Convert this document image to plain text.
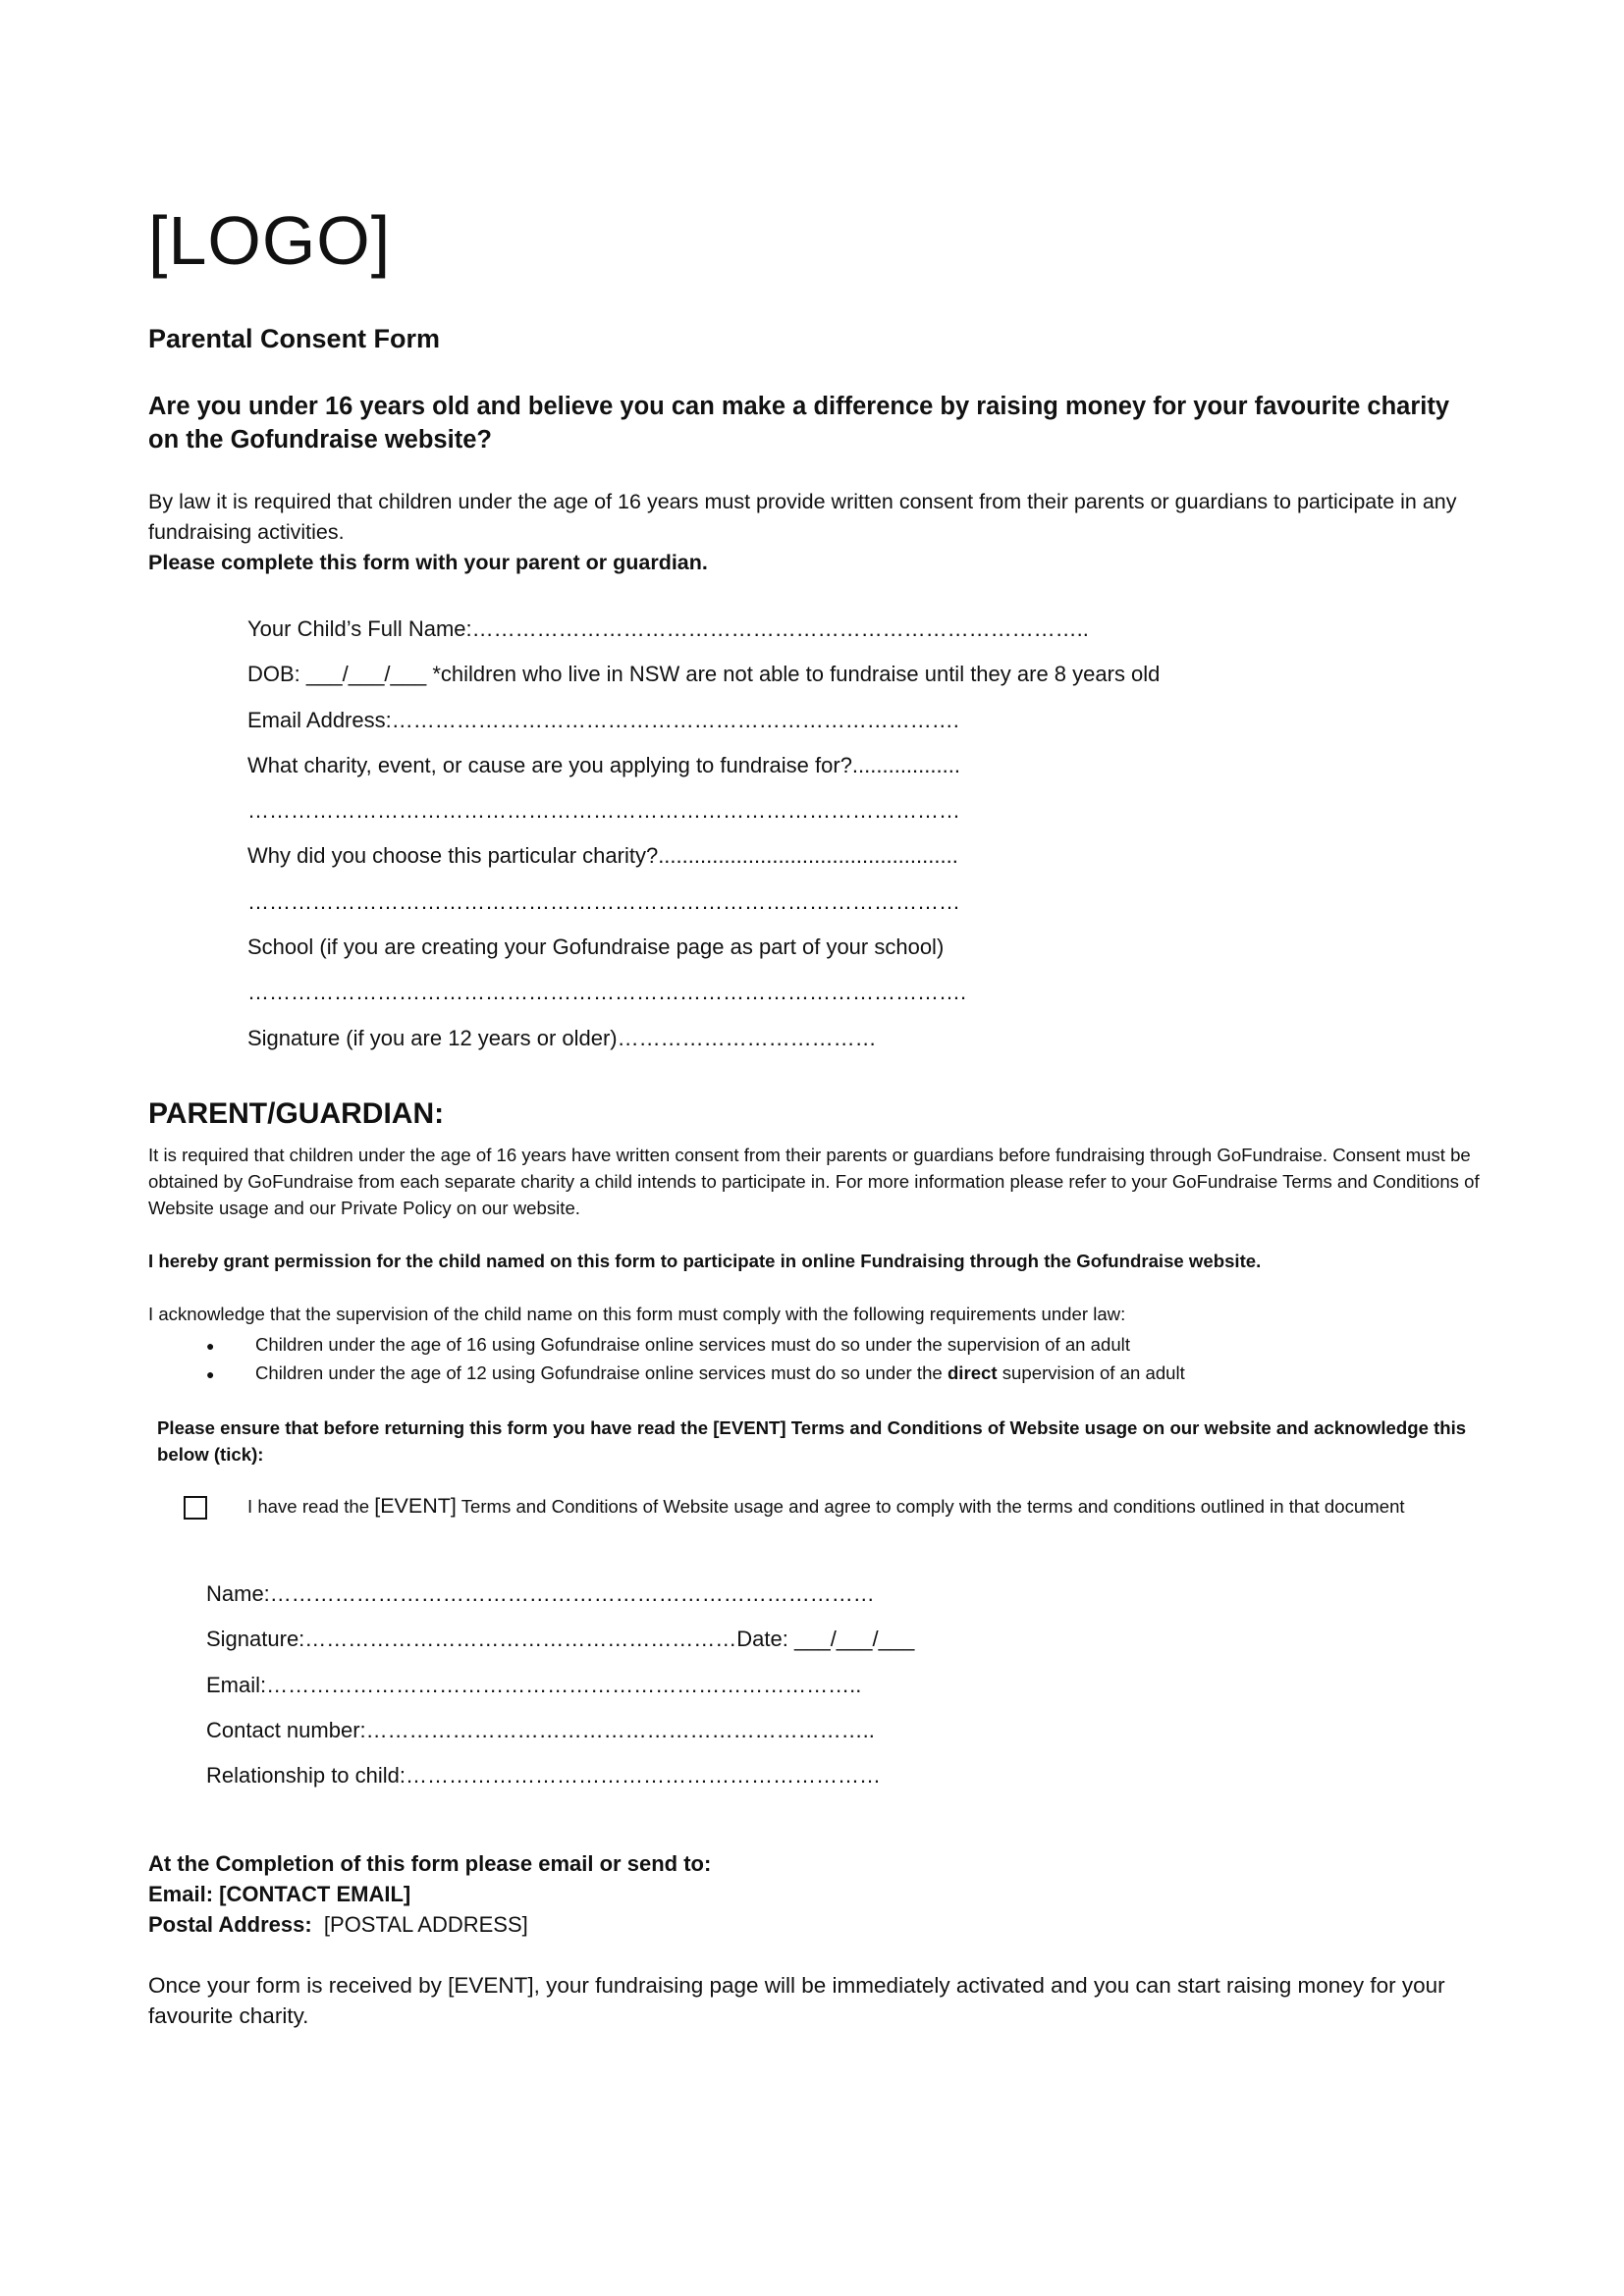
[LOGO]
Parental Consent Form
Are you under 16 years old and believe you can make a difference by raising money for your favourite charity on the Gofundraise website?
By law it is required that children under the age of 16 years must provide written consent from their parents or guardians to participate in any fundraising activities.
Please complete this form with your parent or guardian.
Your Child’s Full Name:…………………………………………………………………………..
DOB: ___/___/___ *children who live in NSW are not able to fundraise until they are 8 years old
Email Address:…………………………………………………………………….
What charity, event, or cause are you applying to fundraise for?..................
………………………………………………………………………………………
Why did you choose this particular charity?..................................................
………………………………………………………………………………………
School (if you are creating your Gofundraise page as part of your school)
……………………………………………………………………………………….
Signature (if you are 12 years or older)………………………………
PARENT/GUARDIAN:
It is required that children under the age of 16 years have written consent from their parents or guardians before fundraising through GoFundraise. Consent must be obtained by GoFundraise from each separate charity a child intends to participate in. For more information please refer to your GoFundraise Terms and Conditions of Website usage and our Private Policy on our website.
I hereby grant permission for the child named on this form to participate in online Fundraising through the Gofundraise website.
I acknowledge that the supervision of the child name on this form must comply with the following requirements under law:
● Children under the age of 16 using Gofundraise online services must do so under the supervision of an adult
● Children under the age of 12 using Gofundraise online services must do so under the direct supervision of an adult
Please ensure that before returning this form you have read the [EVENT] Terms and Conditions of Website usage on our website and acknowledge this below (tick):
I have read the [EVENT] Terms and Conditions of Website usage and agree to comply with the terms and conditions outlined in that document
Name:…………………………………………………………………………
Signature:……………………………………………………Date: ___/___/___
Email:………………………………………………………………………..
Contact number:……………………………………………………………..
Relationship to child:…………………………………………………………
At the Completion of this form please email or send to:
Email: [CONTACT EMAIL]
Postal Address:  [POSTAL ADDRESS]
Once your form is received by [EVENT], your fundraising page will be immediately activated and you can start raising money for your favourite charity.
